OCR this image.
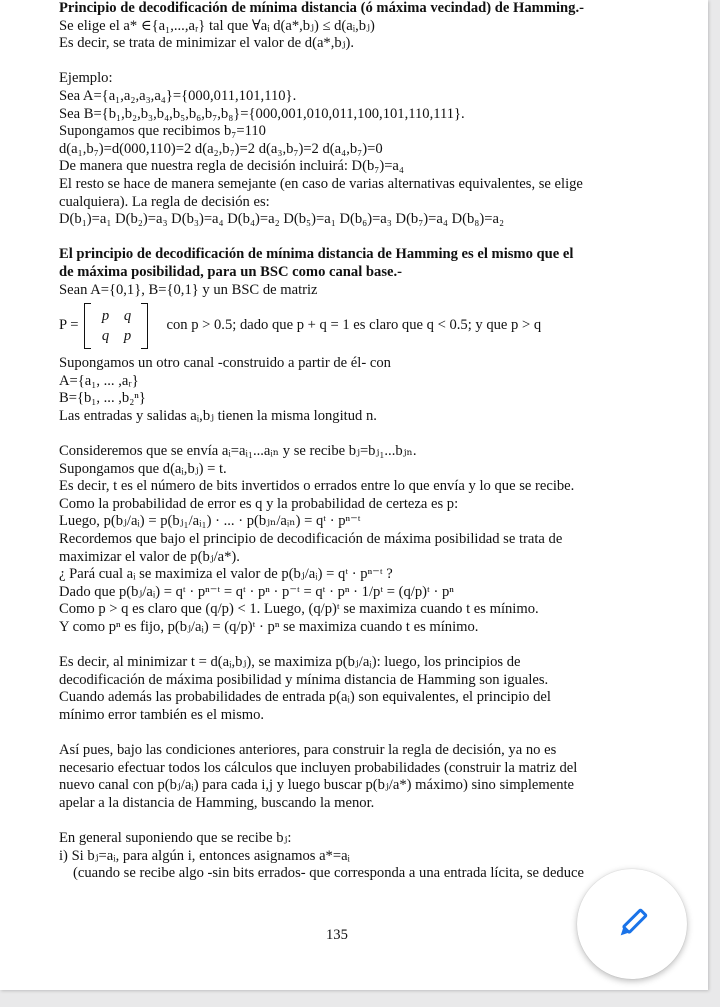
Principio de decodificación de mínima distancia (ó máxima vecindad) de Hamming.-

Se elige el a* ∈{a₁,...,aᵣ} tal que ∀aᵢ d(a*,bⱼ) ≤ d(aᵢ,bⱼ)

Es decir, se trata de minimizar el valor de d(a*,bⱼ).

Ejemplo:

Sea A={a₁,a₂,a₃,a₄}={000,011,101,110}.

Sea B={b₁,b₂,b₃,b₄,b₅,b₆,b₇,b₈}={000,001,010,011,100,101,110,111}.

Supongamos que recibimos b₇=110

d(a₁,b₇)=d(000,110)=2 d(a₂,b₇)=2 d(a₃,b₇)=2 d(a₄,b₇)=0

De manera que nuestra regla de decisión incluirá: D(b₇)=a₄

El resto se hace de manera semejante (en caso de varias alternativas equivalentes, se elige

cualquiera). La regla de decisión es:

D(b₁)=a₁ D(b₂)=a₃ D(b₃)=a₄ D(b₄)=a₂ D(b₅)=a₁ D(b₆)=a₃ D(b₇)=a₄ D(b₈)=a₂

El principio de decodificación de mínima distancia de Hamming es el mismo que el

de máxima posibilidad, para un BSC como canal base.-

Sean A={0,1}, B={0,1} y un BSC de matriz

P =
p	q
q	p
con p > 0.5; dado que p + q = 1 es claro que q < 0.5; y que p > q

Supongamos un otro canal -construido a partir de él- con

A={a₁, ... ,aᵣ}

B={b₁, ... ,b₂ⁿ}

Las entradas y salidas aᵢ,bⱼ tienen la misma longitud n.

Consideremos que se envía aᵢ=aᵢ₁...aᵢₙ y se recibe bⱼ=bⱼ₁...bⱼₙ.

Supongamos que d(aᵢ,bⱼ) = t.

Es decir, t es el número de bits invertidos o errados entre lo que envía y lo que se recibe.

Como la probabilidad de error es q y la probabilidad de certeza es p:

Luego, p(bⱼ/aᵢ) = p(bⱼ₁/aᵢ₁) · ... · p(bⱼₙ/aᵢₙ) = qᵗ · pⁿ⁻ᵗ

Recordemos que bajo el principio de decodificación de máxima posibilidad se trata de

maximizar el valor de p(bⱼ/a*).

¿ Pará cual aᵢ se maximiza el valor de p(bⱼ/aᵢ) = qᵗ · pⁿ⁻ᵗ ?

Dado que p(bⱼ/aᵢ) = qᵗ · pⁿ⁻ᵗ = qᵗ · pⁿ · p⁻ᵗ = qᵗ · pⁿ · 1/pᵗ = (q/p)ᵗ · pⁿ

Como p > q es claro que (q/p) < 1. Luego, (q/p)ᵗ se maximiza cuando t es mínimo.

Y como pⁿ es fijo, p(bⱼ/aᵢ) = (q/p)ᵗ · pⁿ se maximiza cuando t es mínimo.

Es decir, al minimizar t = d(aᵢ,bⱼ), se maximiza p(bⱼ/aᵢ): luego, los principios de

decodificación de máxima posibilidad y mínima distancia de Hamming son iguales.

Cuando además las probabilidades de entrada p(aᵢ) son equivalentes, el principio del

mínimo error también es el mismo.

Así pues, bajo las condiciones anteriores, para construir la regla de decisión, ya no es

necesario efectuar todos los cálculos que incluyen probabilidades (construir la matriz del

nuevo canal con p(bⱼ/aᵢ) para cada i,j y luego buscar p(bⱼ/a*) máximo) sino simplemente

apelar a la distancia de Hamming, buscando la menor.

En general suponiendo que se recibe bⱼ:

i) Si bⱼ=aᵢ, para algún i, entonces asignamos a*=aᵢ

(cuando se recibe algo -sin bits errados- que corresponda a una entrada lícita, se deduce

135
